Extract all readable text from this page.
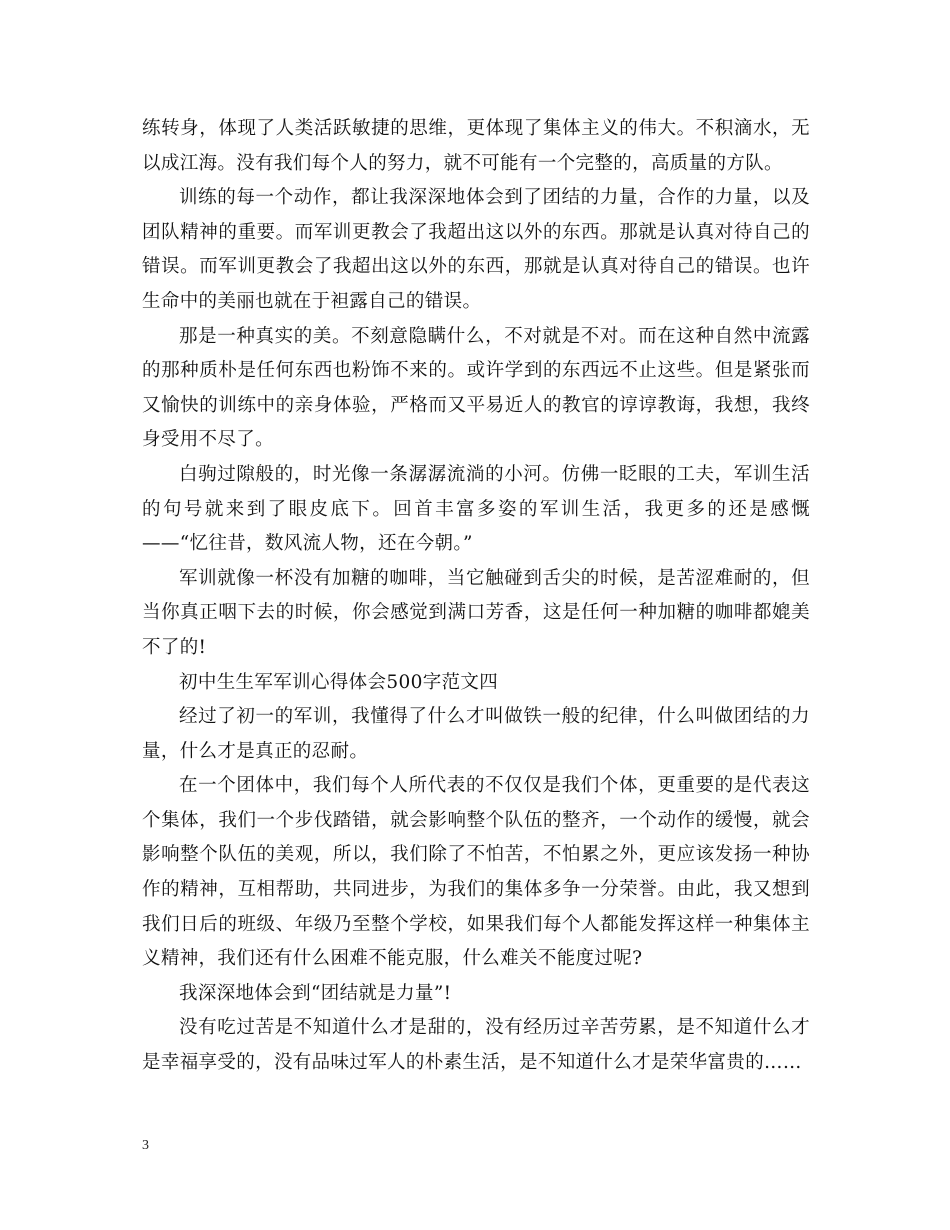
练转身，体现了人类活跃敏捷的思维，更体现了集体主义的伟大。不积滴水，无以成江海。没有我们每个人的努力，就不可能有一个完整的，高质量的方队。

训练的每一个动作，都让我深深地体会到了团结的力量，合作的力量，以及团队精神的重要。而军训更教会了我超出这以外的东西。那就是认真对待自己的错误。而军训更教会了我超出这以外的东西，那就是认真对待自己的错误。也许生命中的美丽也就在于袒露自己的错误。

那是一种真实的美。不刻意隐瞒什么，不对就是不对。而在这种自然中流露的那种质朴是任何东西也粉饰不来的。或许学到的东西远不止这些。但是紧张而又愉快的训练中的亲身体验，严格而又平易近人的教官的谆谆教诲，我想，我终身受用不尽了。

白驹过隙般的，时光像一条潺潺流淌的小河。仿佛一眨眼的工夫，军训生活的句号就来到了眼皮底下。回首丰富多姿的军训生活，我更多的还是感慨——“忆往昔，数风流人物，还在今朝。”

军训就像一杯没有加糖的咖啡，当它触碰到舌尖的时候，是苦涩难耐的，但当你真正咽下去的时候，你会感觉到满口芳香，这是任何一种加糖的咖啡都媲美不了的!

初中生生军军训心得体会500字范文四

经过了初一的军训，我懂得了什么才叫做铁一般的纪律，什么叫做团结的力量，什么才是真正的忍耐。

在一个团体中，我们每个人所代表的不仅仅是我们个体，更重要的是代表这个集体，我们一个步伐踏错，就会影响整个队伍的整齐，一个动作的缓慢，就会影响整个队伍的美观，所以，我们除了不怕苦，不怕累之外，更应该发扬一种协作的精神，互相帮助，共同进步，为我们的集体多争一分荣誉。由此，我又想到我们日后的班级、年级乃至整个学校，如果我们每个人都能发挥这样一种集体主义精神，我们还有什么困难不能克服，什么难关不能度过呢?

我深深地体会到“团结就是力量”!

没有吃过苦是不知道什么才是甜的，没有经历过辛苦劳累，是不知道什么才是幸福享受的，没有品味过军人的朴素生活，是不知道什么才是荣华富贵的……

3
